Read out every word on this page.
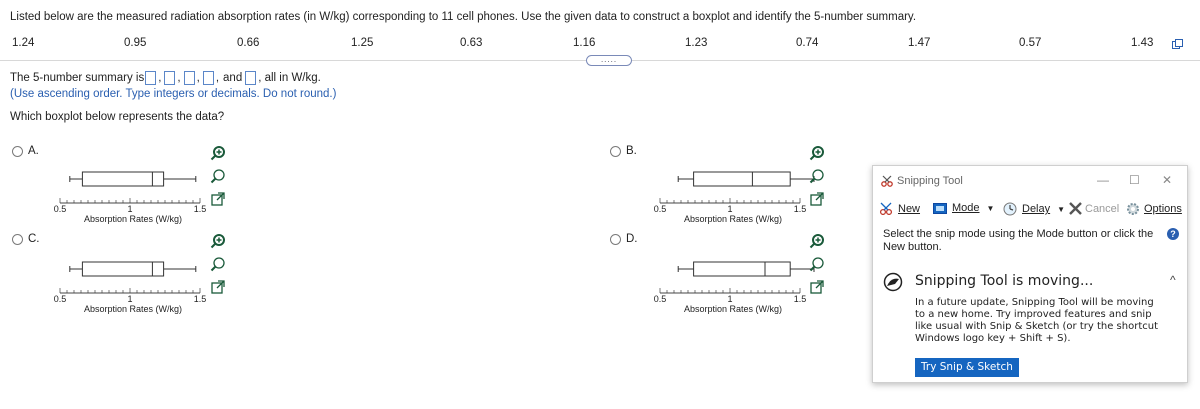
Listed below are the measured radiation absorption rates (in W/kg) corresponding to 11 cell phones. Use the given data to construct a boxplot and identify the 5-number summary.
1.24	0.95	0.66	1.25	0.63	1.16	1.23	0.74	1.47	0.57	1.43
.....
The 5-number summary is , , , , and , all in W/kg.
(Use ascending order. Type integers or decimals. Do not round.)
Which boxplot below represents the data?
A.
Absorption Rates (W/kg)
0.5	1	1.5
B.
Absorption Rates (W/kg)
0.5	1	1.5
C.
Absorption Rates (W/kg)
0.5	1	1.5
D.
Absorption Rates (W/kg)
0.5	1	1.5
Snipping Tool	— ☐ ✕
New	Mode ▼	Delay ▼ Cancel Options
Select the snip mode using the Mode button or click the New button.
?
Snipping Tool is moving...	^
In a future update, Snipping Tool will be moving to a new home. Try improved features and snip like usual with Snip & Sketch (or try the shortcut Windows logo key + Shift + S).
Try Snip & Sketch
